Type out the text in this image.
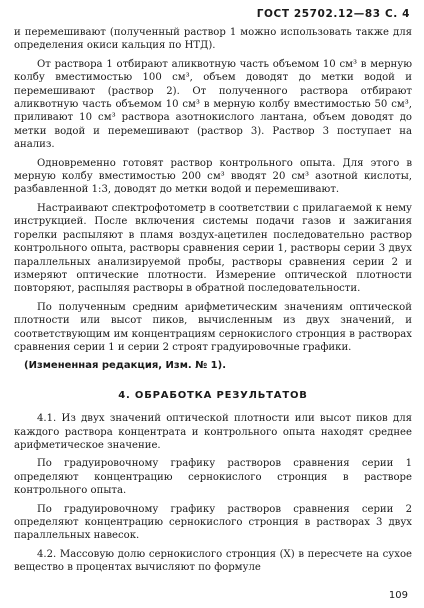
ГОСТ 25702.12—83 С. 4

и перемешивают (полученный раствор 1 можно использовать также для определения окиси кальция по НТД).

От раствора 1 отбирают аликвотную часть объемом 10 см³ в мерную колбу вместимостью 100 см³, объем доводят до метки водой и перемешивают (раствор 2). От полученного раствора отбирают аликвотную часть объемом 10 см³ в мерную колбу вместимостью 50 см³, приливают 10 см³ раствора азотнокислого лантана, объем доводят до метки водой и перемешивают (раствор 3). Раствор 3 поступает на анализ.

Одновременно готовят раствор контрольного опыта. Для этого в мерную колбу вместимостью 200 см³ вводят 20 см³ азотной кислоты, разбавленной 1:3, доводят до метки водой и перемешивают.

Настраивают спектрофотометр в соответствии с прилагаемой к нему инструкцией. После включения системы подачи газов и зажигания горелки распыляют в пламя воздух-ацетилен последовательно раствор контрольного опыта, растворы сравнения серии 1, растворы серии 3 двух параллельных анализируемой пробы, растворы сравнения серии 2 и измеряют оптические плотности. Измерение оптической плотности повторяют, распыляя растворы в обратной последовательности.

По полученным средним арифметическим значениям оптической плотности или высот пиков, вычисленным из двух значений, и соответствующим им концентрациям сернокислого стронция в растворах сравнения серии 1 и серии 2 строят градуировочные графики.

(Измененная редакция, Изм. № 1).
4. ОБРАБОТКА РЕЗУЛЬТАТОВ

4.1. Из двух значений оптической плотности или высот пиков для каждого раствора концентрата и контрольного опыта находят среднее арифметическое значение.

По градуировочному графику растворов сравнения серии 1 определяют концентрацию сернокислого стронция в растворе контрольного опыта.

По градуировочному графику растворов сравнения серии 2 определяют концентрацию сернокислого стронция в растворах 3 двух параллельных навесок.

4.2. Массовую долю сернокислого стронция (X) в пересчете на сухое вещество в процентах вычисляют по формуле

109
